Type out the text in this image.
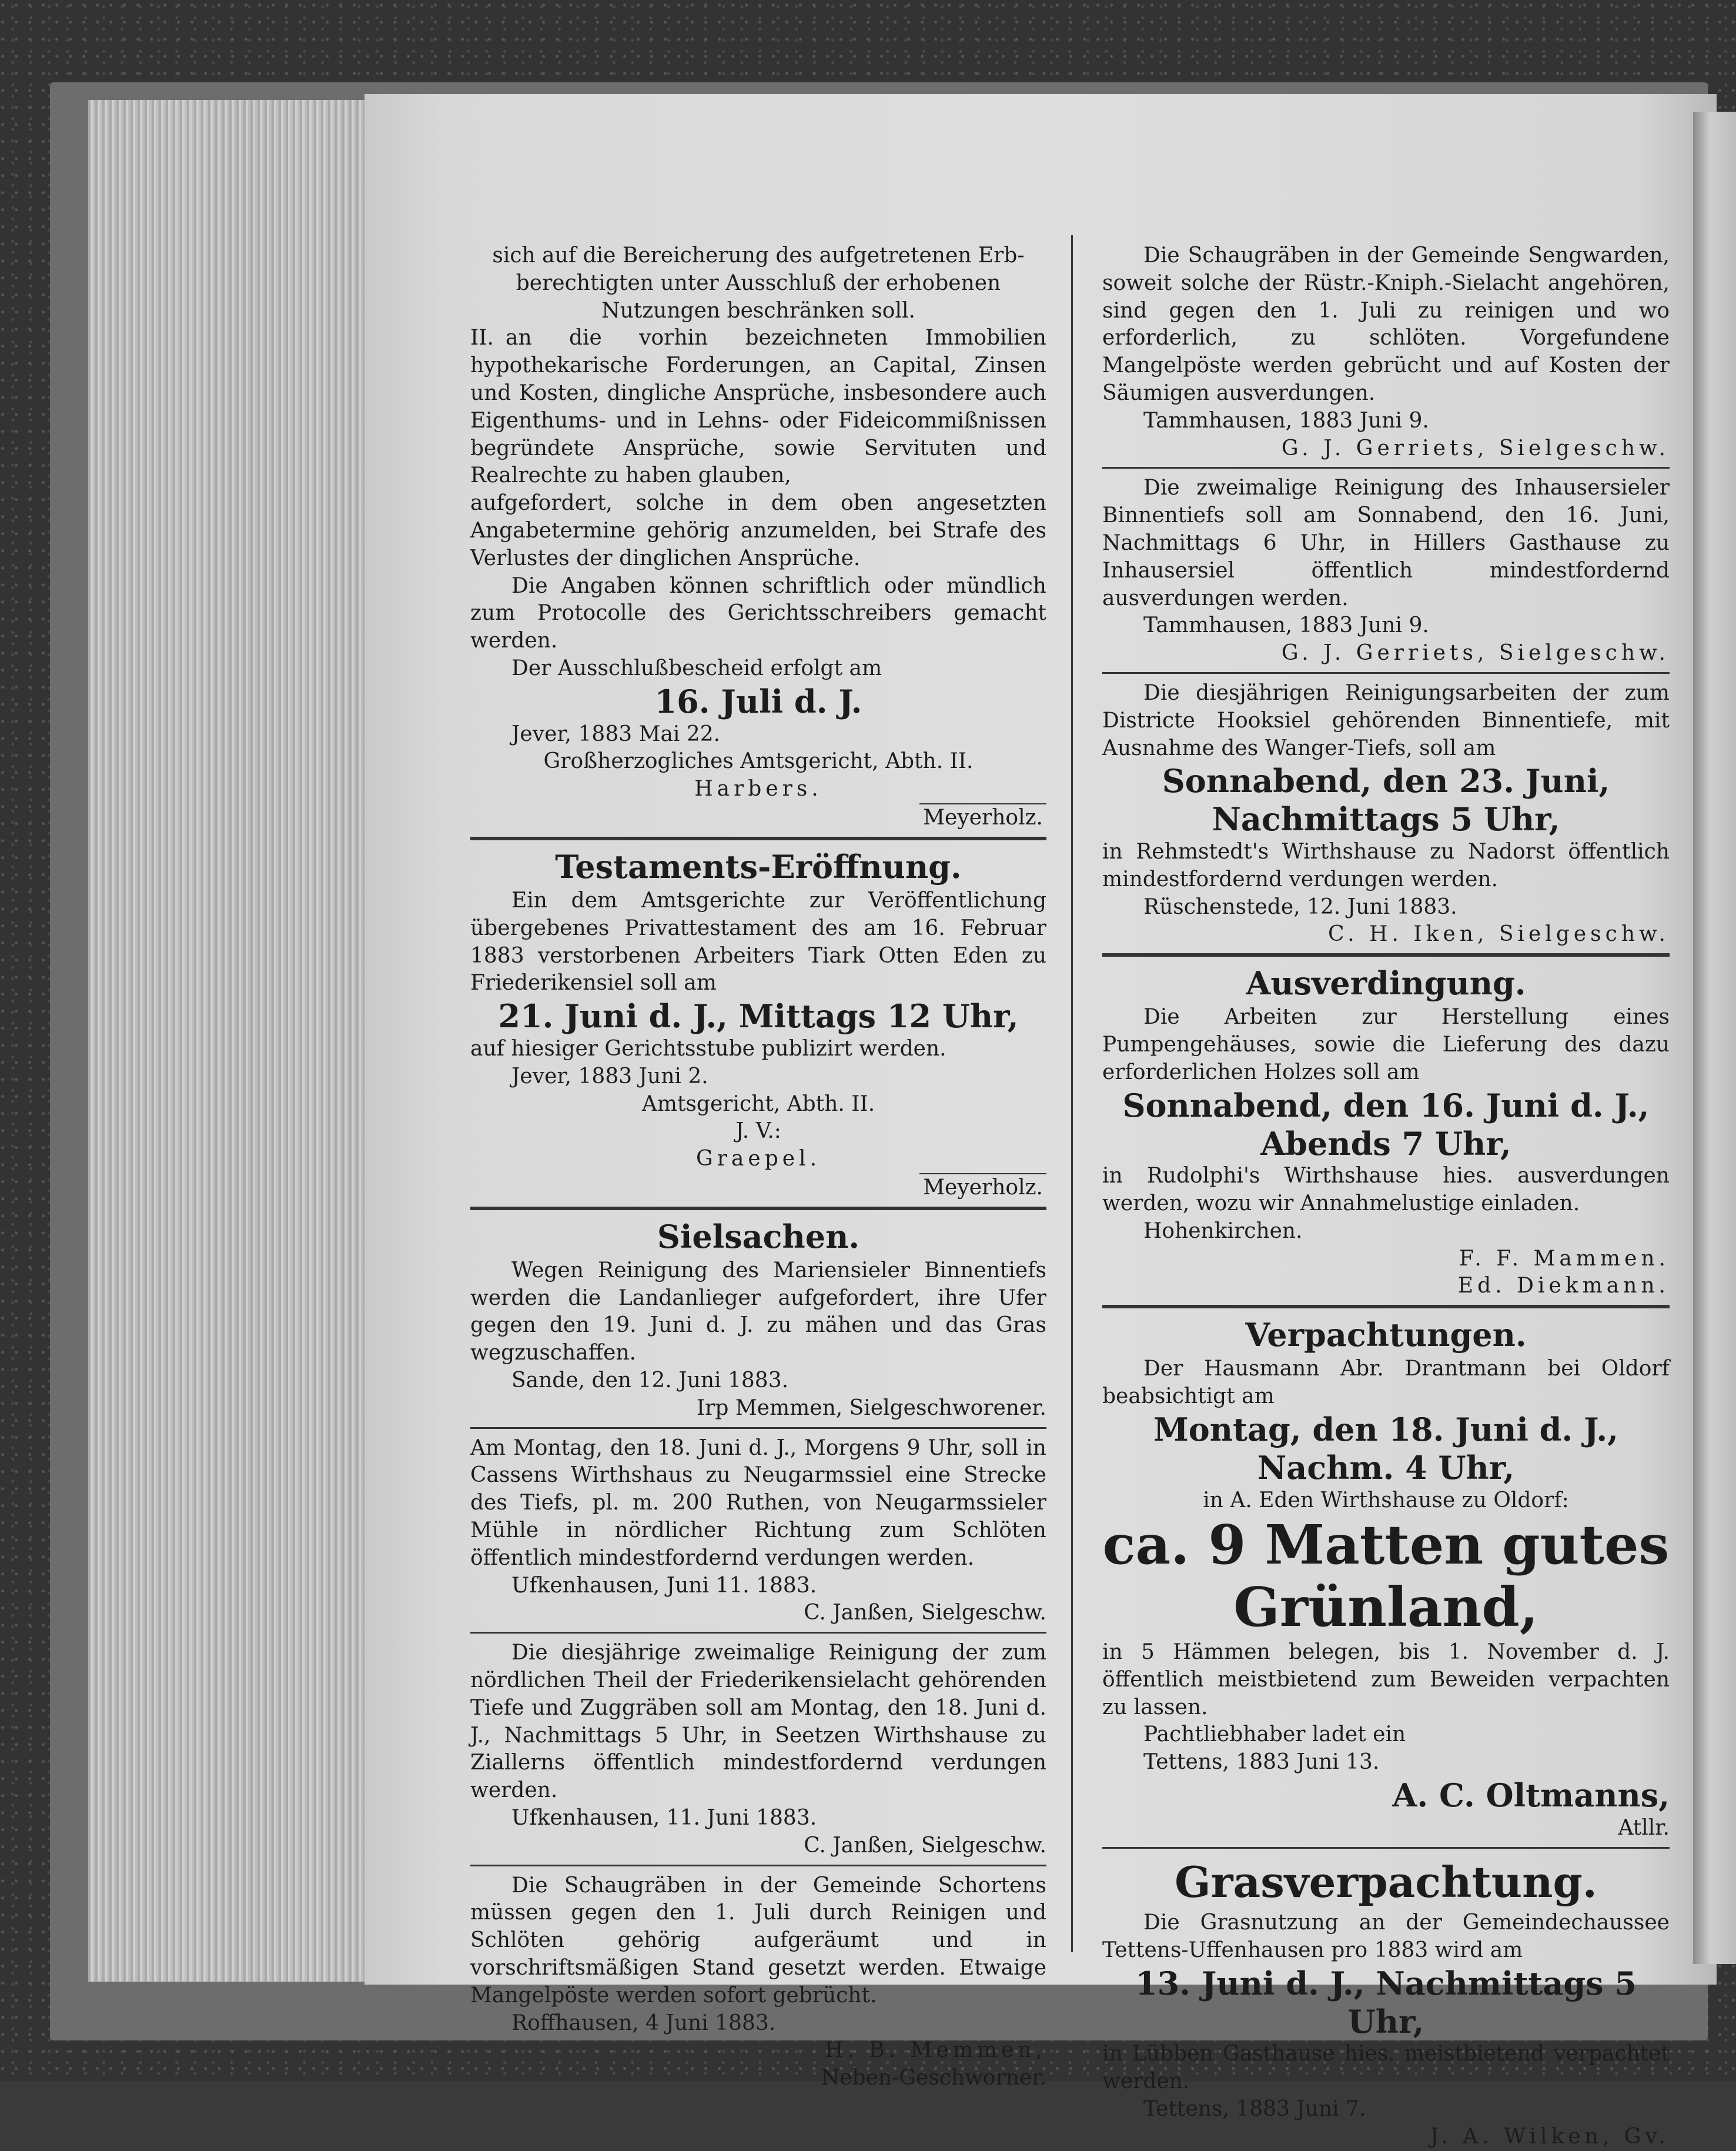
sich auf die Bereicherung des aufgetretenen Erb-

berechtigten unter Ausschluß der erhobenen

Nutzungen beschränken soll.

II. an die vorhin bezeichneten Immobilien hypothekarische Forderungen, an Capital, Zinsen und Kosten, dingliche Ansprüche, insbesondere auch Eigenthums- und in Lehns- oder Fideicommißnissen begründete Ansprüche, sowie Servituten und Realrechte zu haben glauben,

aufgefordert, solche in dem oben angesetzten Angabetermine gehörig anzumelden, bei Strafe des Verlustes der dinglichen Ansprüche.

Die Angaben können schriftlich oder mündlich zum Protocolle des Gerichtsschreibers gemacht werden.

Der Ausschlußbescheid erfolgt am

16. Juli d. J.

Jever, 1883 Mai 22.

Großherzogliches Amtsgericht, Abth. II.

Harbers.

Meyerholz.

Testaments-Eröffnung.

Ein dem Amtsgerichte zur Veröffentlichung übergebenes Privattestament des am 16. Februar 1883 verstorbenen Arbeiters Tiark Otten Eden zu Friederikensiel soll am

21. Juni d. J., Mittags 12 Uhr,

auf hiesiger Gerichtsstube publizirt werden.

Jever, 1883 Juni 2.

Amtsgericht, Abth. II.

J. V.:

Graepel.

Meyerholz.

Sielsachen.

Wegen Reinigung des Mariensieler Binnentiefs werden die Landanlieger aufgefordert, ihre Ufer gegen den 19. Juni d. J. zu mähen und das Gras wegzuschaffen.

Sande, den 12. Juni 1883.

Irp Memmen, Sielgeschworener.

Am Montag, den 18. Juni d. J., Morgens 9 Uhr, soll in Cassens Wirthshaus zu Neugarmssiel eine Strecke des Tiefs, pl. m. 200 Ruthen, von Neugarmssieler Mühle in nördlicher Richtung zum Schlöten öffentlich mindestfordernd verdungen werden.

Ufkenhausen, Juni 11. 1883.

C. Janßen, Sielgeschw.

Die diesjährige zweimalige Reinigung der zum nördlichen Theil der Friederikensielacht gehörenden Tiefe und Zuggräben soll am Montag, den 18. Juni d. J., Nachmittags 5 Uhr, in Seetzen Wirthshause zu Ziallerns öffentlich mindestfordernd verdungen werden.

Ufkenhausen, 11. Juni 1883.

C. Janßen, Sielgeschw.

Die Schaugräben in der Gemeinde Schortens müssen gegen den 1. Juli durch Reinigen und Schlöten gehörig aufgeräumt und in vorschriftsmäßigen Stand gesetzt werden. Etwaige Mangelpöste werden sofort gebrücht.

Roffhausen, 4 Juni 1883.

H. B. Memmen,

Neben-Geschworner.

Die Schaugräben in der Gemeinde Sengwarden, soweit solche der Rüstr.-Kniph.-Sielacht angehören, sind gegen den 1. Juli zu reinigen und wo erforderlich, zu schlöten. Vorgefundene Mangelpöste werden gebrücht und auf Kosten der Säumigen ausverdungen.

Tammhausen, 1883 Juni 9.

G. J. Gerriets, Sielgeschw.

Die zweimalige Reinigung des Inhausersieler Binnentiefs soll am Sonnabend, den 16. Juni, Nachmittags 6 Uhr, in Hillers Gasthause zu Inhausersiel öffentlich mindestfordernd ausverdungen werden.

Tammhausen, 1883 Juni 9.

G. J. Gerriets, Sielgeschw.

Die diesjährigen Reinigungsarbeiten der zum Districte Hooksiel gehörenden Binnentiefe, mit Ausnahme des Wanger-Tiefs, soll am

Sonnabend, den 23. Juni,

Nachmittags 5 Uhr,

in Rehmstedt's Wirthshause zu Nadorst öffentlich mindestfordernd verdungen werden.

Rüschenstede, 12. Juni 1883.

C. H. Iken, Sielgeschw.

Ausverdingung.

Die Arbeiten zur Herstellung eines Pumpengehäuses, sowie die Lieferung des dazu erforderlichen Holzes soll am

Sonnabend, den 16. Juni d. J.,

Abends 7 Uhr,

in Rudolphi's Wirthshause hies. ausverdungen werden, wozu wir Annahmelustige einladen.

Hohenkirchen.

F. F. Mammen.

Ed. Diekmann.

Verpachtungen.

Der Hausmann Abr. Drantmann bei Oldorf beabsichtigt am

Montag, den 18. Juni d. J.,

Nachm. 4 Uhr,

in A. Eden Wirthshause zu Oldorf:

ca. 9 Matten gutes

Grünland,

in 5 Hämmen belegen, bis 1. November d. J. öffentlich meistbietend zum Beweiden verpachten zu lassen.

Pachtliebhaber ladet ein

Tettens, 1883 Juni 13.

A. C. Oltmanns,

Atllr.

Grasverpachtung.

Die Grasnutzung an der Gemeindechaussee Tettens-Uffenhausen pro 1883 wird am

13. Juni d. J., Nachmittags 5 Uhr,

in Lübben Gasthause hies. meistbietend verpachtet werden.

Tettens, 1883 Juni 7.

J. A. Wilken, Gv.
